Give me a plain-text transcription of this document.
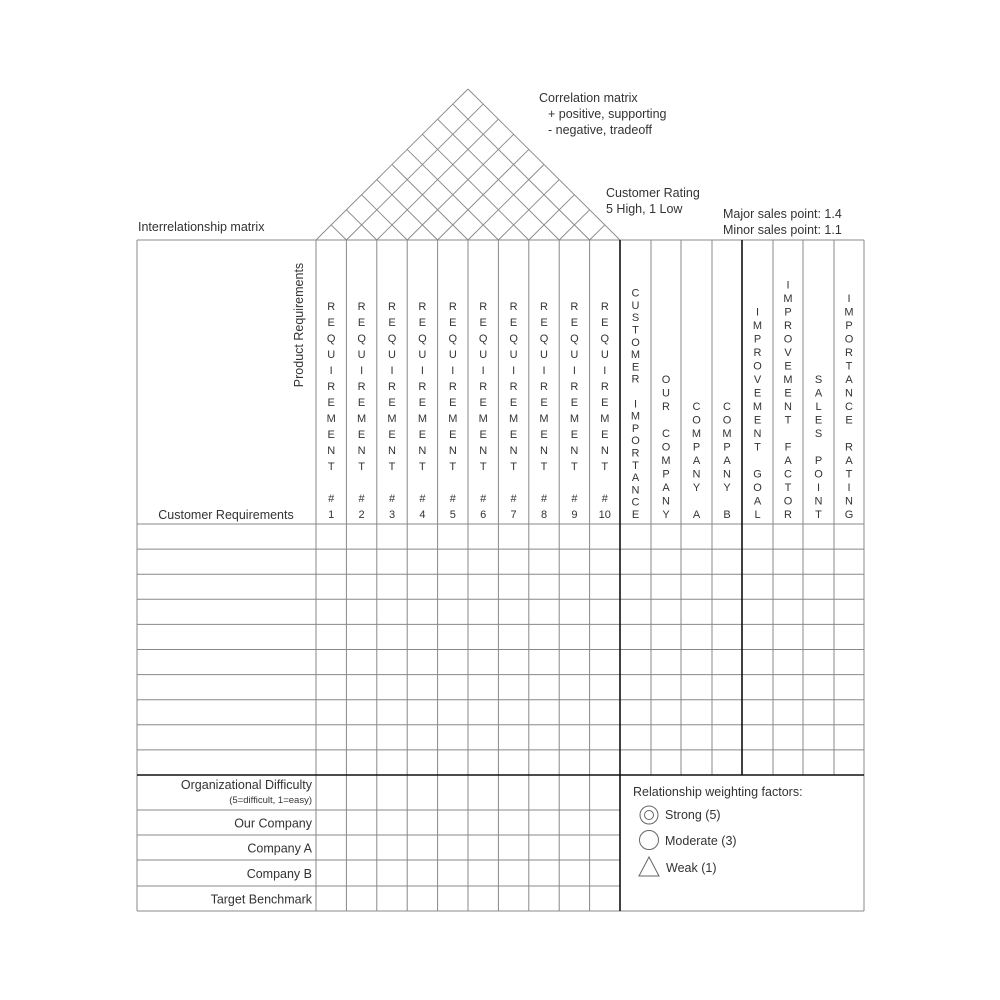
Interrelationship matrix
Correlation matrix
+ positive, supporting
- negative, tradeoff
Customer Rating
5 High, 1 Low	Major sales point: 1.4
Minor sales point: 1.1
Product Requirements
Customer Requirements
R
E
Q
U
I
R
E
M
E
N
T
#
1
R
E
Q
U
I
R
E
M
E
N
T
#
2
R
E
Q
U
I
R
E
M
E
N
T
#
3
R
E
Q
U
I
R
E
M
E
N
T
#
4
R
E
Q
U
I
R
E
M
E
N
T
#
5
R
E
Q
U
I
R
E
M
E
N
T
#
6
R
E
Q
U
I
R
E
M
E
N
T
#
7
R
E
Q
U
I
R
E
M
E
N
T
#
8
R
E
Q
U
I
R
E
M
E
N
T
#
9
R
E
Q
U
I
R
E
M
E
N
T
#
10
C
U
S
T
O
M
E
R
I
M
P
O
R
T
A
N
C
E
O
U
R
C
O
M
P
A
N
Y
C
O
M
P
A
N
Y
A
C
O
M
P
A
N
Y
B
I
M
P
R
O
V
E
M
E
N
T
G
O
A
L
I
M
P
R
O
V
E
M
E
N
T
F
A
C
T
O
R
S
A
L
E
S
P
O
I
N
T
I
M
P
O
R
T
A
N
C
E
R
A
T
I
N
G
Organizational Difficulty
(5=difficult, 1=easy)
Our Company
Company A
Company B
Target Benchmark
Relationship weighting factors:
Strong (5)
Moderate (3)
Weak (1)
